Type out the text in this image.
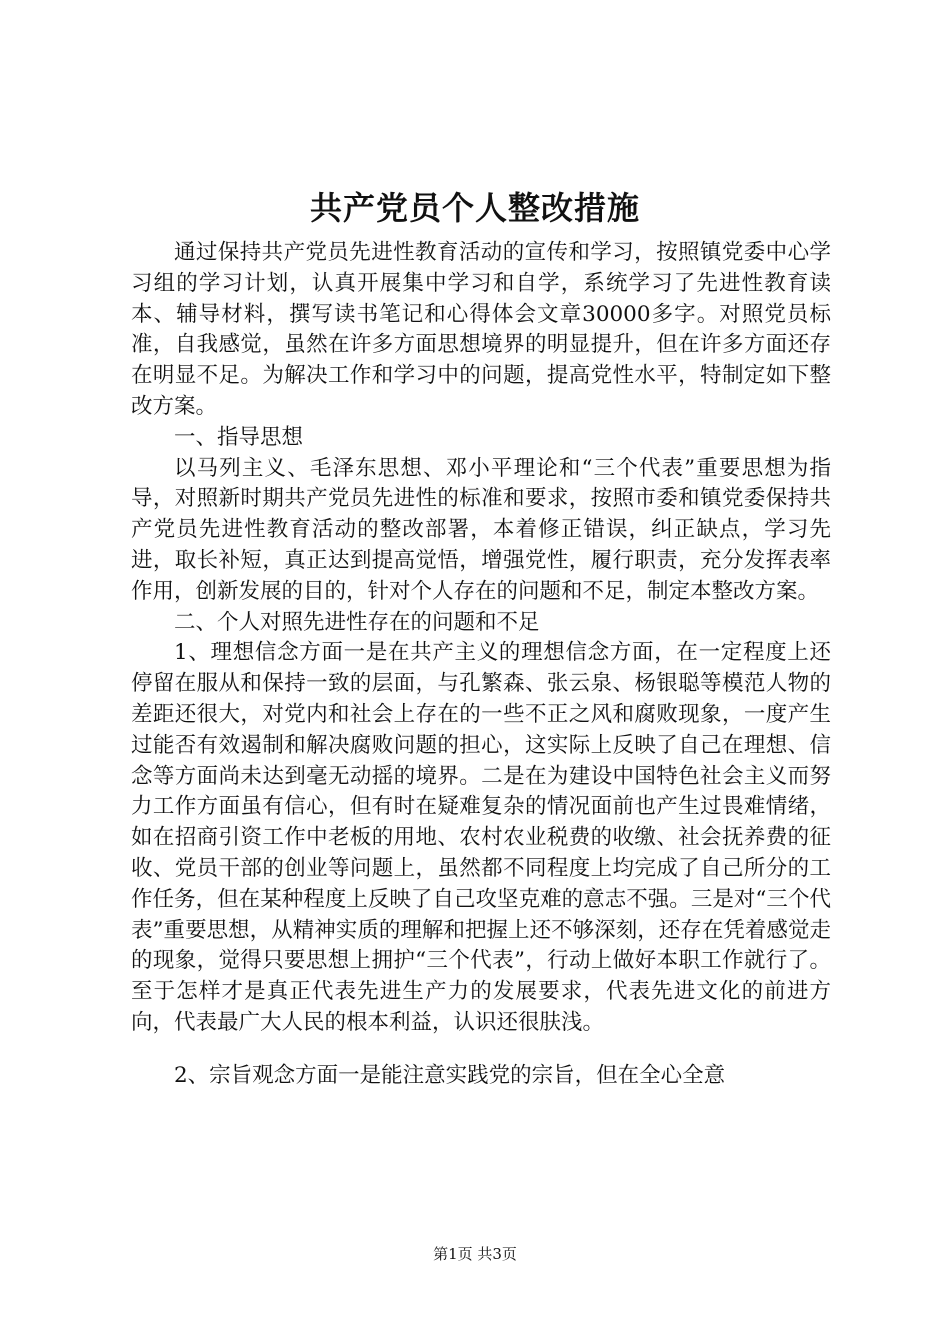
共产党员个人整改措施

通过保持共产党员先进性教育活动的宣传和学习，按照镇党委中心学习组的学习计划，认真开展集中学习和自学，系统学习了先进性教育读本、辅导材料，撰写读书笔记和心得体会文章30000多字。对照党员标准，自我感觉，虽然在许多方面思想境界的明显提升，但在许多方面还存在明显不足。为解决工作和学习中的问题，提高党性水平，特制定如下整改方案。

一、指导思想

以马列主义、毛泽东思想、邓小平理论和“三个代表”重要思想为指导，对照新时期共产党员先进性的标准和要求，按照市委和镇党委保持共产党员先进性教育活动的整改部署，本着修正错误，纠正缺点，学习先进，取长补短，真正达到提高觉悟，增强党性，履行职责，充分发挥表率作用，创新发展的目的，针对个人存在的问题和不足，制定本整改方案。

二、个人对照先进性存在的问题和不足

1、理想信念方面一是在共产主义的理想信念方面，在一定程度上还停留在服从和保持一致的层面，与孔繁森、张云泉、杨银聪等模范人物的差距还很大，对党内和社会上存在的一些不正之风和腐败现象，一度产生过能否有效遏制和解决腐败问题的担心，这实际上反映了自己在理想、信念等方面尚未达到毫无动摇的境界。二是在为建设中国特色社会主义而努力工作方面虽有信心，但有时在疑难复杂的情况面前也产生过畏难情绪，如在招商引资工作中老板的用地、农村农业税费的收缴、社会抚养费的征收、党员干部的创业等问题上，虽然都不同程度上均完成了自己所分的工作任务，但在某种程度上反映了自己攻坚克难的意志不强。三是对“三个代表”重要思想，从精神实质的理解和把握上还不够深刻，还存在凭着感觉走的现象，觉得只要思想上拥护“三个代表”，行动上做好本职工作就行了。至于怎样才是真正代表先进生产力的发展要求，代表先进文化的前进方向，代表最广大人民的根本利益，认识还很肤浅。

2、宗旨观念方面一是能注意实践党的宗旨，但在全心全意

第1页 共3页
